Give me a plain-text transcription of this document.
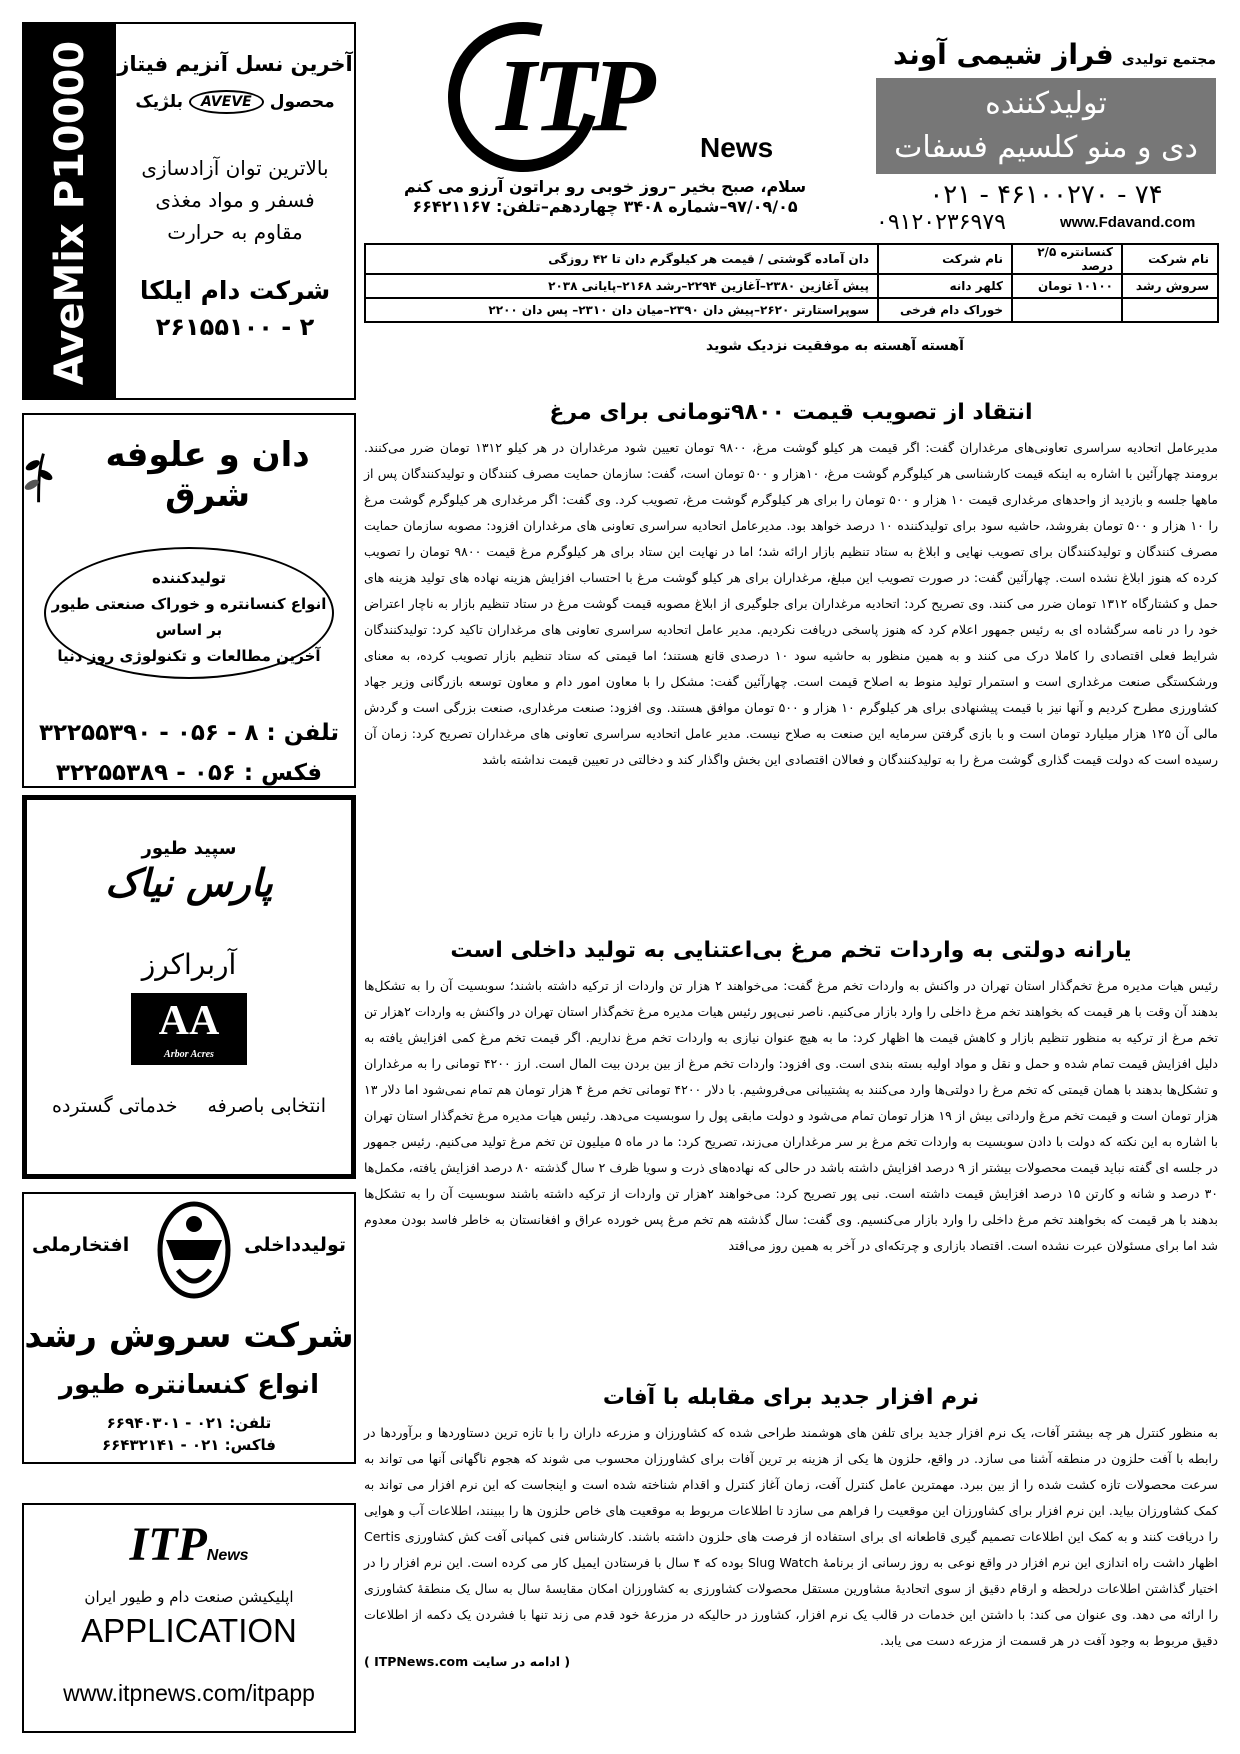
AveMix P10000 آخرین نسل آنزیم فیتاز
محصول
AVEVE
بلژیک
بالاترین توان آزادسازی
فسفر و مواد مغذی
مقاوم به حرارت
شرکت دام ایلکا
۲ - ۲۶۱۵۵۱۰۰
دان و علوفه شرق
تولیدکننده
انواع کنسانتره و خوراک صنعتی طیور
بر اساس
آخرین مطالعات و تکنولوژی روز دنیا
تلفن : ۸ - ۰۵۶ - ۳۲۲۵۵۳۹۰
فکس : ۰۵۶ - ۳۲۲۵۵۳۸۹
سپید طیور
پارس نیاک
آربراکرز
AA
Arbor Acres
انتخابی باصرفه
خدماتی گسترده
تولیدداخلی
افتخارملی
شرکت سروش رشد
انواع کنسانتره طیور
تلفن: ۰۲۱ - ۶۶۹۴۰۳۰۱
فاکس: ۰۲۱ - ۶۶۴۳۲۱۴۱
ITPNews
اپلیکیشن صنعت دام و طیور ایران
APPLICATION
www.itpnews.com/itpapp
ITP News
سلام، صبح بخیر –روز خوبی رو براتون آرزو می کنم
۹۷/۰۹/۰۵–شماره ۳۴۰۸ چهاردهم–تلفن: ۶۶۴۲۱۱۶۷
مجتمع تولیدی
فراز شیمی آوند
تولیدکننده
دی و منو کلسیم فسفات
۰۲۱ - ۴۶۱۰۰۲۷۰ - ۷۴
۰۹۱۲۰۲۳۶۹۷۹	www.Fdavand.com
نام شرکت	کنسانتره ۲/۵ درصد	نام شرکت	دان آماده گوشتی / قیمت هر کیلوگرم دان تا ۴۲ روزگی
سروش رشد	۱۰۱۰۰ تومان	کلهر دانه	پیش آغازین ۲۳۸۰–آغازین ۲۲۹۴–رشد ۲۱۶۸–پایانی ۲۰۳۸
		خوراک دام فرخی	سوپراستارتر ۲۶۲۰–پیش دان ۲۳۹۰–میان دان ۲۳۱۰– پس دان ۲۲۰۰
آهسته آهسته به موفقیت نزدیک شوید
انتقاد از تصویب قیمت ۹۸۰۰تومانی برای مرغ

مدیرعامل اتحادیه سراسری تعاونی‌های مرغداران گفت: اگر قیمت هر کیلو گوشت مرغ، ۹۸۰۰ تومان تعیین شود مرغداران در هر کیلو ۱۳۱۲ تومان ضرر می‌کنند. برومند چهارآئین با اشاره به اینکه قیمت کارشناسی هر کیلوگرم گوشت مرغ، ۱۰هزار و ۵۰۰ تومان است، گفت: سازمان حمایت مصرف کنندگان و تولیدکنندگان پس از ماهها جلسه و بازدید از واحدهای مرغداری قیمت ۱۰ هزار و ۵۰۰ تومان را برای هر کیلوگرم گوشت مرغ، تصویب کرد. وی گفت: اگر مرغداری هر کیلوگرم گوشت مرغ را ۱۰ هزار و ۵۰۰ تومان بفروشد، حاشیه سود برای تولیدکننده ۱۰ درصد خواهد بود. مدیرعامل اتحادیه سراسری تعاونی های مرغداران افزود: مصوبه سازمان حمایت مصرف کنندگان و تولیدکنندگان برای تصویب نهایی و ابلاغ به ستاد تنظیم بازار ارائه شد؛ اما در نهایت این ستاد برای هر کیلوگرم مرغ قیمت ۹۸۰۰ تومان را تصویب کرده که هنوز ابلاغ نشده است. چهارآئین گفت: در صورت تصویب این مبلغ، مرغداران برای هر کیلو گوشت مرغ با احتساب افزایش هزینه نهاده های تولید هزینه های حمل و کشتارگاه ۱۳۱۲ تومان ضرر می کنند. وی تصریح کرد: اتحادیه مرغداران برای جلوگیری از ابلاغ مصوبه قیمت گوشت مرغ در ستاد تنظیم بازار به ناچار اعتراض خود را در نامه سرگشاده ای به رئیس جمهور اعلام کرد که هنوز پاسخی دریافت نکردیم. مدیر عامل اتحادیه سراسری تعاونی های مرغداران تاکید کرد: تولیدکنندگان شرایط فعلی اقتصادی را کاملا درک می کنند و به همین منظور به حاشیه سود ۱۰ درصدی قانع هستند؛ اما قیمتی که ستاد تنظیم بازار تصویب کرده، به معنای ورشکستگی صنعت مرغداری است و استمرار تولید منوط به اصلاح قیمت است. چهارآئین گفت: مشکل را با معاون امور دام و معاون توسعه بازرگانی وزیر جهاد کشاورزی مطرح کردیم و آنها نیز با قیمت پیشنهادی برای هر کیلوگرم ۱۰ هزار و ۵۰۰ تومان موافق هستند. وی افزود: صنعت مرغداری، صنعت بزرگی است و گردش مالی آن ۱۲۵ هزار میلیارد تومان است و با بازی گرفتن سرمایه این صنعت به صلاح نیست. مدیر عامل اتحادیه سراسری تعاونی های مرغداران تصریح کرد: زمان آن رسیده است که دولت قیمت گذاری گوشت مرغ را به تولیدکنندگان و فعالان اقتصادی این بخش واگذار کند و دخالتی در تعیین قیمت نداشته باشد

یارانه دولتی به واردات تخم مرغ بی‌اعتنایی به تولید داخلی است

رئیس هیات مدیره مرغ تخم‌گذار استان تهران در واکنش به واردات تخم مرغ گفت: می‌خواهند ۲ هزار تن واردات از ترکیه داشته باشند؛ سوبسیت آن را به تشکل‌ها بدهند آن وقت با هر قیمت که بخواهند تخم مرغ داخلی را وارد بازار می‌کنیم. ناصر نبی‌پور رئیس هیات مدیره مرغ تخم‌گذار استان تهران در واکنش به واردات ۲هزار تن تخم مرغ از ترکیه به منظور تنظیم بازار و کاهش قیمت ها اظهار کرد: ما به هیچ عنوان نیازی به واردات تخم مرغ نداریم. اگر قیمت تخم مرغ کمی افزایش یافته به دلیل افزایش قیمت تمام شده و حمل و نقل و مواد اولیه بسته بندی است. وی افزود: واردات تخم مرغ از بین بردن بیت المال است. ارز ۴۲۰۰ تومانی را به مرغداران و تشکل‌ها بدهند با همان قیمتی که تخم مرغ را دولتی‌ها وارد می‌کنند به پشتیبانی می‌فروشیم. با دلار ۴۲۰۰ تومانی تخم مرغ ۴ هزار تومان هم تمام نمی‌شود اما دلار ۱۳ هزار تومان است و قیمت تخم مرغ وارداتی بیش از ۱۹ هزار تومان تمام می‌شود و دولت مابقی پول را سوبسیت می‌دهد. رئیس هیات مدیره مرغ تخم‌گذار استان تهران با اشاره به این نکته که دولت با دادن سوبسیت به واردات تخم مرغ بر سر مرغداران می‌زند، تصریح کرد: ما در ماه ۵ میلیون تن تخم مرغ تولید می‌کنیم. رئیس جمهور در جلسه ای گفته نباید قیمت محصولات بیشتر از ۹ درصد افزایش داشته باشد در حالی که نهاده‌های ذرت و سویا ظرف ۲ سال گذشته ۸۰ درصد افزایش یافته، مکمل‌ها ۳۰ درصد و شانه و کارتن ۱۵ درصد افزایش قیمت داشته است. نبی پور تصریح کرد: می‌خواهند ۲هزار تن واردات از ترکیه داشته باشند سوبسیت آن را به تشکل‌ها بدهند با هر قیمت که بخواهند تخم مرغ داخلی را وارد بازار می‌کنسیم. وی گفت: سال گذشته هم تخم مرغ پس خورده عراق و افغانستان به خاطر فاسد بودن معدوم شد اما برای مسئولان عبرت نشده است. اقتصاد بازاری و چرتکه‌ای در آخر به همین روز می‌افتد

نرم افزار جدید برای مقابله با آفات

به منظور کنترل هر چه بیشتر آفات، یک نرم افزار جدید برای تلفن های هوشمند طراحی شده که کشاورزان و مزرعه داران را با تازه ترین دستاوردها و برآوردها در رابطه با آفت حلزون در منطقه آشنا می سازد. در واقع، حلزون ها یکی از هزینه بر ترین آفات برای کشاورزان محسوب می شوند که هجوم ناگهانی آنها می تواند به سرعت محصولات تازه کشت شده را از بین ببرد. مهمترین عامل کنترل آفت، زمان آغاز کنترل و اقدام شناخته شده است و اینجاست که این نرم افزار می تواند به کمک کشاورزان بیاید. این نرم افزار برای کشاورزان این موقعیت را فراهم می سازد تا اطلاعات مربوط به موقعیت های خاص حلزون ها را ببینند، اطلاعات آب و هوایی را دریافت کنند و به کمک این اطلاعات تصمیم گیری قاطعانه ای برای استفاده از فرصت های حلزون داشته باشند. کارشناس فنی کمپانی آفت کش کشاورزی Certis اظهار داشت راه اندازی این نرم افزار در واقع نوعی به روز رسانی از برنامۀ Slug Watch بوده که ۴ سال با فرستادن ایمیل کار می کرده است. این نرم افزار را در اختیار گذاشتن اطلاعات درلحظه و ارقام دقیق از سوی اتحادیۀ مشاورین مستقل محصولات کشاورزی به کشاورزان امکان مقایسۀ سال به سال یک منطقۀ کشاورزی را ارائه می دهد. وی عنوان می کند: با داشتن این خدمات در قالب یک نرم افزار، کشاورز در حالیکه در مزرعۀ خود قدم می زند تنها با فشردن یک دکمه از اطلاعات دقیق مربوط به وجود آفت در هر قسمت از مزرعه دست می یابد.

( ادامه در سایت ITPNews.com )
